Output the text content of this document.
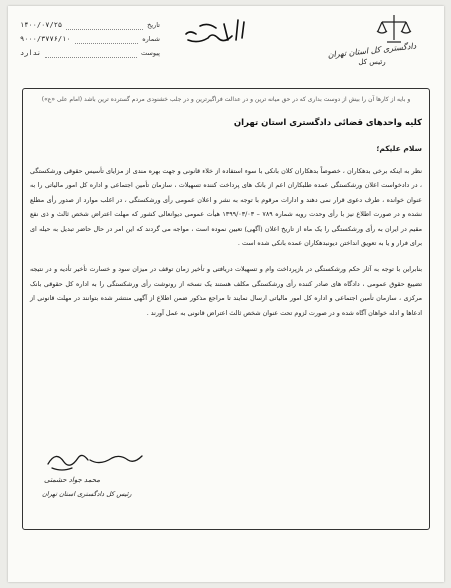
دادگستری کل استان تهران
رئیس کل
تاریخ
۱۴۰۰/۰۷/۲۵
شماره
۹۰۰۰/۳۷۷۶/۱۰
پیوست
ندارد
و بایه از کارها آن را بیش از دوست بداری که در حق میانه ترین و در عدالت فراگیرترین و در جلب خشنودی مردم گسترده ترین باشد (امام علی «ع»)
کلیه واحدهای قضائی دادگستری استان تهران
سلام علیکم؛

نظر به اینکه برخی بدهکاران ، خصوصاً بدهکاران کلان بانکی با سوء استفاده از خلاء قانونی و جهت بهره مندی از مزایای تأسیس حقوقی ورشکستگی ، در دادخواست اعلان ورشکستگی عمده طلبکاران اعم از بانک های پرداخت کننده تسهیلات ، سازمان تأمین اجتماعی و اداره کل امور مالیاتی را به عنوان خوانده ، طرف دعوی قرار نمی دهند و ادارات مرقوم با توجه به نشر و اعلان عمومی رأی ورشکستگی ، در اغلب موارد از صدور رأی مطلع نشده و در صورت اطلاع نیز با رأی وحدت رویه شماره ۷۸۹ – ۱۳۹۹/۰۳/۰۳ هیأت عمومی دیوانعالی کشور که مهلت اعتراض شخص ثالث و ذی نفع مقیم در ایران به رأی ورشکستگی را یک ماه از تاریخ اعلان (آگهی) تعیین نموده است ، مواجه می گردند که این امر در حال حاضر تبدیل به حیله ای برای فرار و یا به تعویق انداختن دیونبدهکاران عمده بانکی شده است .

بنابراین با توجه به آثار حکم ورشکستگی در بازپرداخت وام و تسهیلات دریافتی و تأخیر زمان توقف در میزان سود و خسارت تأخیر تأدیه و در نتیجه تضییع حقوق عمومی ، دادگاه های صادر کننده رأی ورشکستگی مکلف هستند یک نسخه از رونوشت رأی ورشکستگی را به اداره کل حقوقی بانک مرکزی ، سازمان تأمین اجتماعی و اداره کل امور مالیاتی ارسال نمایند تا مراجع مذکور ضمن اطلاع از آگهی منتشر شده بتوانند در مهلت قانونی از ادعاها و ادله خواهان آگاه شده و در صورت لزوم تحت عنوان شخص ثالث اعتراض قانونی به عمل آورند .

محمد جواد حشمتی
رئیس کل دادگستری استان تهران
